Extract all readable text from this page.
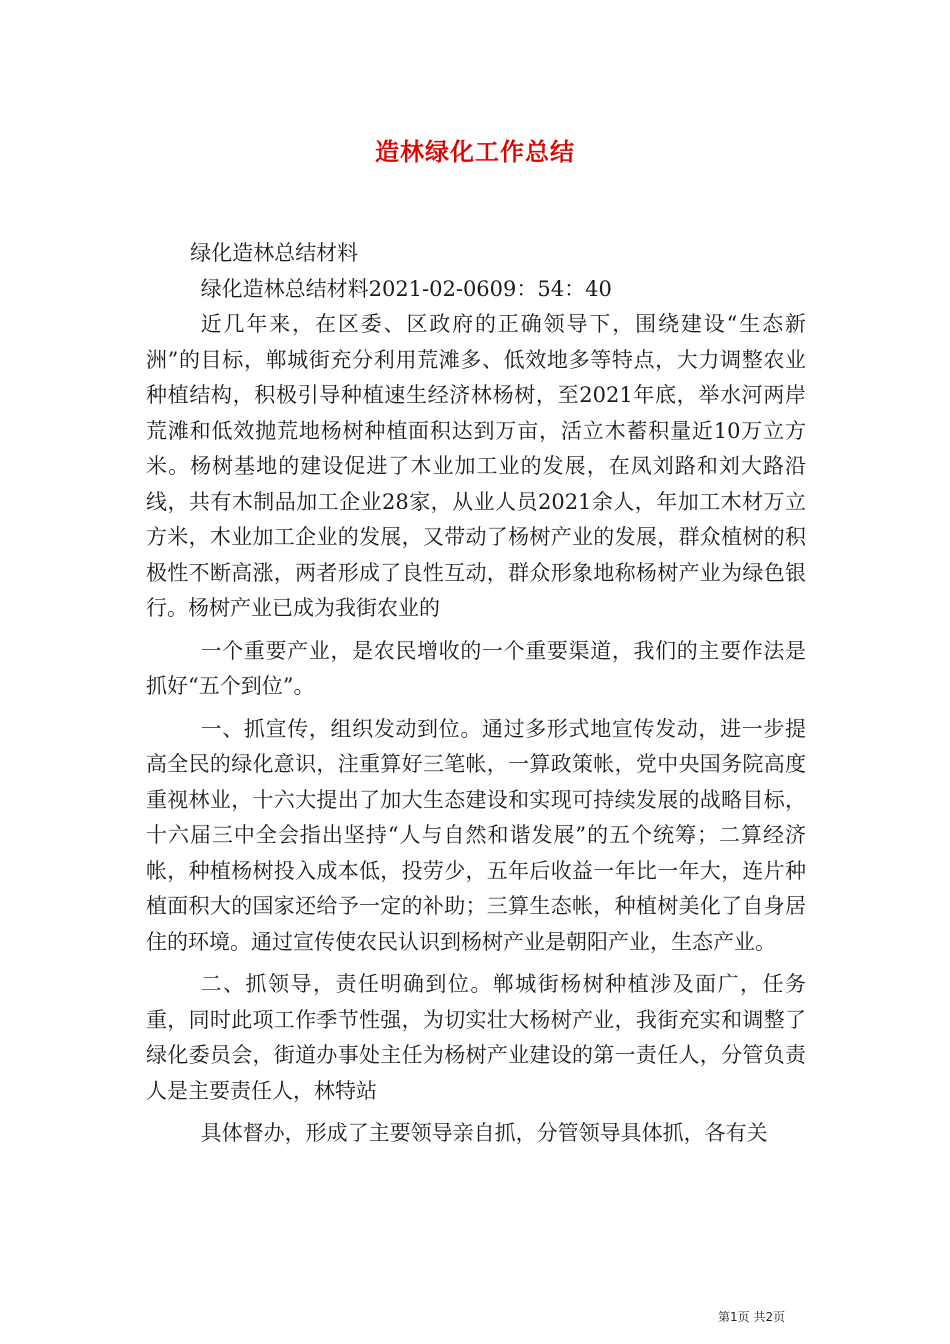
造林绿化工作总结

绿化造林总结材料

绿化造林总结材料2021-02-0609：54：40

近几年来，在区委、区政府的正确领导下，围绕建设“生态新洲”的目标，郸城街充分利用荒滩多、低效地多等特点，大力调整农业种植结构，积极引导种植速生经济林杨树，至2021年底，举水河两岸荒滩和低效抛荒地杨树种植面积达到万亩，活立木蓄积量近10万立方米。杨树基地的建设促进了木业加工业的发展，在凤刘路和刘大路沿线，共有木制品加工企业28家，从业人员2021余人，年加工木材万立方米，木业加工企业的发展，又带动了杨树产业的发展，群众植树的积极性不断高涨，两者形成了良性互动，群众形象地称杨树产业为绿色银行。杨树产业已成为我街农业的

一个重要产业，是农民增收的一个重要渠道，我们的主要作法是抓好“五个到位”。

一、抓宣传，组织发动到位。通过多形式地宣传发动，进一步提高全民的绿化意识，注重算好三笔帐，一算政策帐，党中央国务院高度重视林业，十六大提出了加大生态建设和实现可持续发展的战略目标，十六届三中全会指出坚持“人与自然和谐发展”的五个统筹；二算经济帐，种植杨树投入成本低，投劳少，五年后收益一年比一年大，连片种植面积大的国家还给予一定的补助；三算生态帐，种植树美化了自身居住的环境。通过宣传使农民认识到杨树产业是朝阳产业，生态产业。

二、抓领导，责任明确到位。郸城街杨树种植涉及面广，任务重，同时此项工作季节性强，为切实壮大杨树产业，我街充实和调整了绿化委员会，街道办事处主任为杨树产业建设的第一责任人，分管负责人是主要责任人，林特站

具体督办，形成了主要领导亲自抓，分管领导具体抓，各有关

第1页 共2页
